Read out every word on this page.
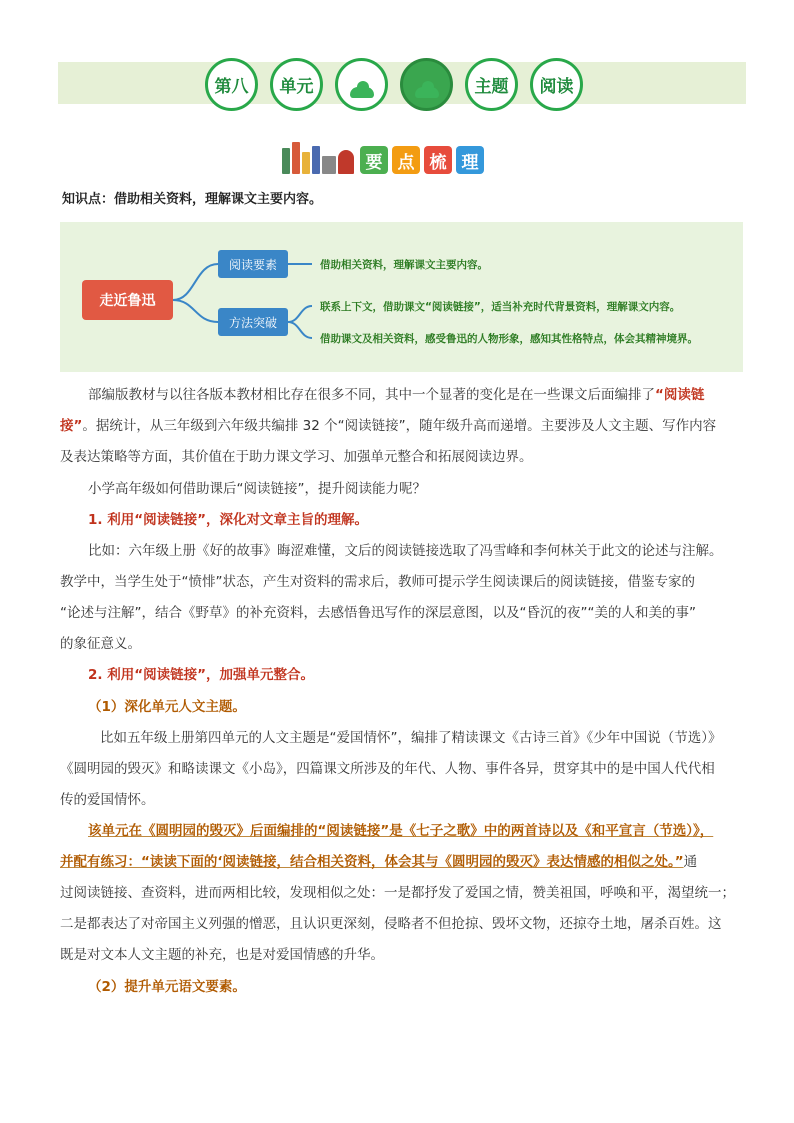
第八	单元	主题	阅读
要 点 梳 理
知识点：借助相关资料，理解课文主要内容。
走近鲁迅
阅读要素
方法突破
借助相关资料，理解课文主要内容。
联系上下文，借助课文“阅读链接”，适当补充时代背景资料，理解课文内容。
借助课文及相关资料，感受鲁迅的人物形象，感知其性格特点，体会其精神境界。
部编版教材与以往各版本教材相比存在很多不同，其中一个显著的变化是在一些课文后面编排了“阅读链
接”。据统计，从三年级到六年级共编排 32 个“阅读链接”，随年级升高而递增。主要涉及人文主题、写作内容
及表达策略等方面，其价值在于助力课文学习、加强单元整合和拓展阅读边界。
小学高年级如何借助课后“阅读链接”，提升阅读能力呢？
1. 利用“阅读链接”，深化对文章主旨的理解。
比如：六年级上册《好的故事》晦涩难懂，文后的阅读链接选取了冯雪峰和李何林关于此文的论述与注解。
教学中，当学生处于“愤悱”状态，产生对资料的需求后，教师可提示学生阅读课后的阅读链接，借鉴专家的
“论述与注解”，结合《野草》的补充资料，去感悟鲁迅写作的深层意图，以及“昏沉的夜”“美的人和美的事”
的象征意义。
2. 利用“阅读链接”，加强单元整合。
（1）深化单元人文主题。
比如五年级上册第四单元的人文主题是“爱国情怀”，编排了精读课文《古诗三首》《少年中国说（节选）》
《圆明园的毁灭》和略读课文《小岛》，四篇课文所涉及的年代、人物、事件各异，贯穿其中的是中国人代代相
传的爱国情怀。
该单元在《圆明园的毁灭》后面编排的“阅读链接”是《七子之歌》中的两首诗以及《和平宣言（节选）》，
并配有练习：“读读下面的‘阅读链接，结合相关资料，体会其与《圆明园的毁灭》表达情感的相似之处。”通
过阅读链接、查资料，进而两相比较，发现相似之处：一是都抒发了爱国之情，赞美祖国，呼唤和平，渴望统一；
二是都表达了对帝国主义列强的憎恶，且认识更深刻，侵略者不但抢掠、毁坏文物，还掠夺土地，屠杀百姓。这
既是对文本人文主题的补充，也是对爱国情感的升华。
（2）提升单元语文要素。
